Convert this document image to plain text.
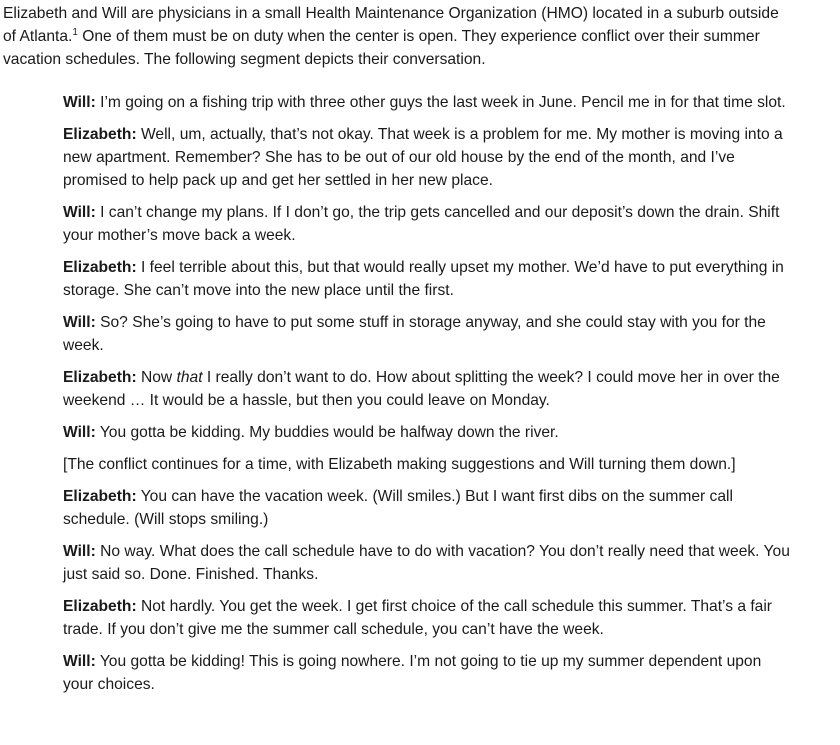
Elizabeth and Will are physicians in a small Health Maintenance Organization (HMO) located in a suburb outside of Atlanta.$^1$ One of them must be on duty when the center is open. They experience conflict over their summer vacation schedules. The following segment depicts their conversation.

Will: I’m going on a fishing trip with three other guys the last week in June. Pencil me in for that time slot.

Elizabeth: Well, um, actually, that’s not okay. That week is a problem for me. My mother is moving into a new apartment. Remember? She has to be out of our old house by the end of the month, and I’ve promised to help pack up and get her settled in her new place.

Will: I can’t change my plans. If I don’t go, the trip gets cancelled and our deposit’s down the drain. Shift your mother’s move back a week.

Elizabeth: I feel terrible about this, but that would really upset my mother. We’d have to put everything in storage. She can’t move into the new place until the first.

Will: So? She’s going to have to put some stuff in storage anyway, and she could stay with you for the week.

Elizabeth: Now that I really don’t want to do. How about splitting the week? I could move her in over the weekend … It would be a hassle, but then you could leave on Monday.

Will: You gotta be kidding. My buddies would be halfway down the river.

[The conflict continues for a time, with Elizabeth making suggestions and Will turning them down.]

Elizabeth: You can have the vacation week. (Will smiles.) But I want first dibs on the summer call schedule. (Will stops smiling.)

Will: No way. What does the call schedule have to do with vacation? You don’t really need that week. You just said so. Done. Finished. Thanks.

Elizabeth: Not hardly. You get the week. I get first choice of the call schedule this summer. That’s a fair trade. If you don’t give me the summer call schedule, you can’t have the week.

Will: You gotta be kidding! This is going nowhere. I’m not going to tie up my summer dependent upon your choices.
